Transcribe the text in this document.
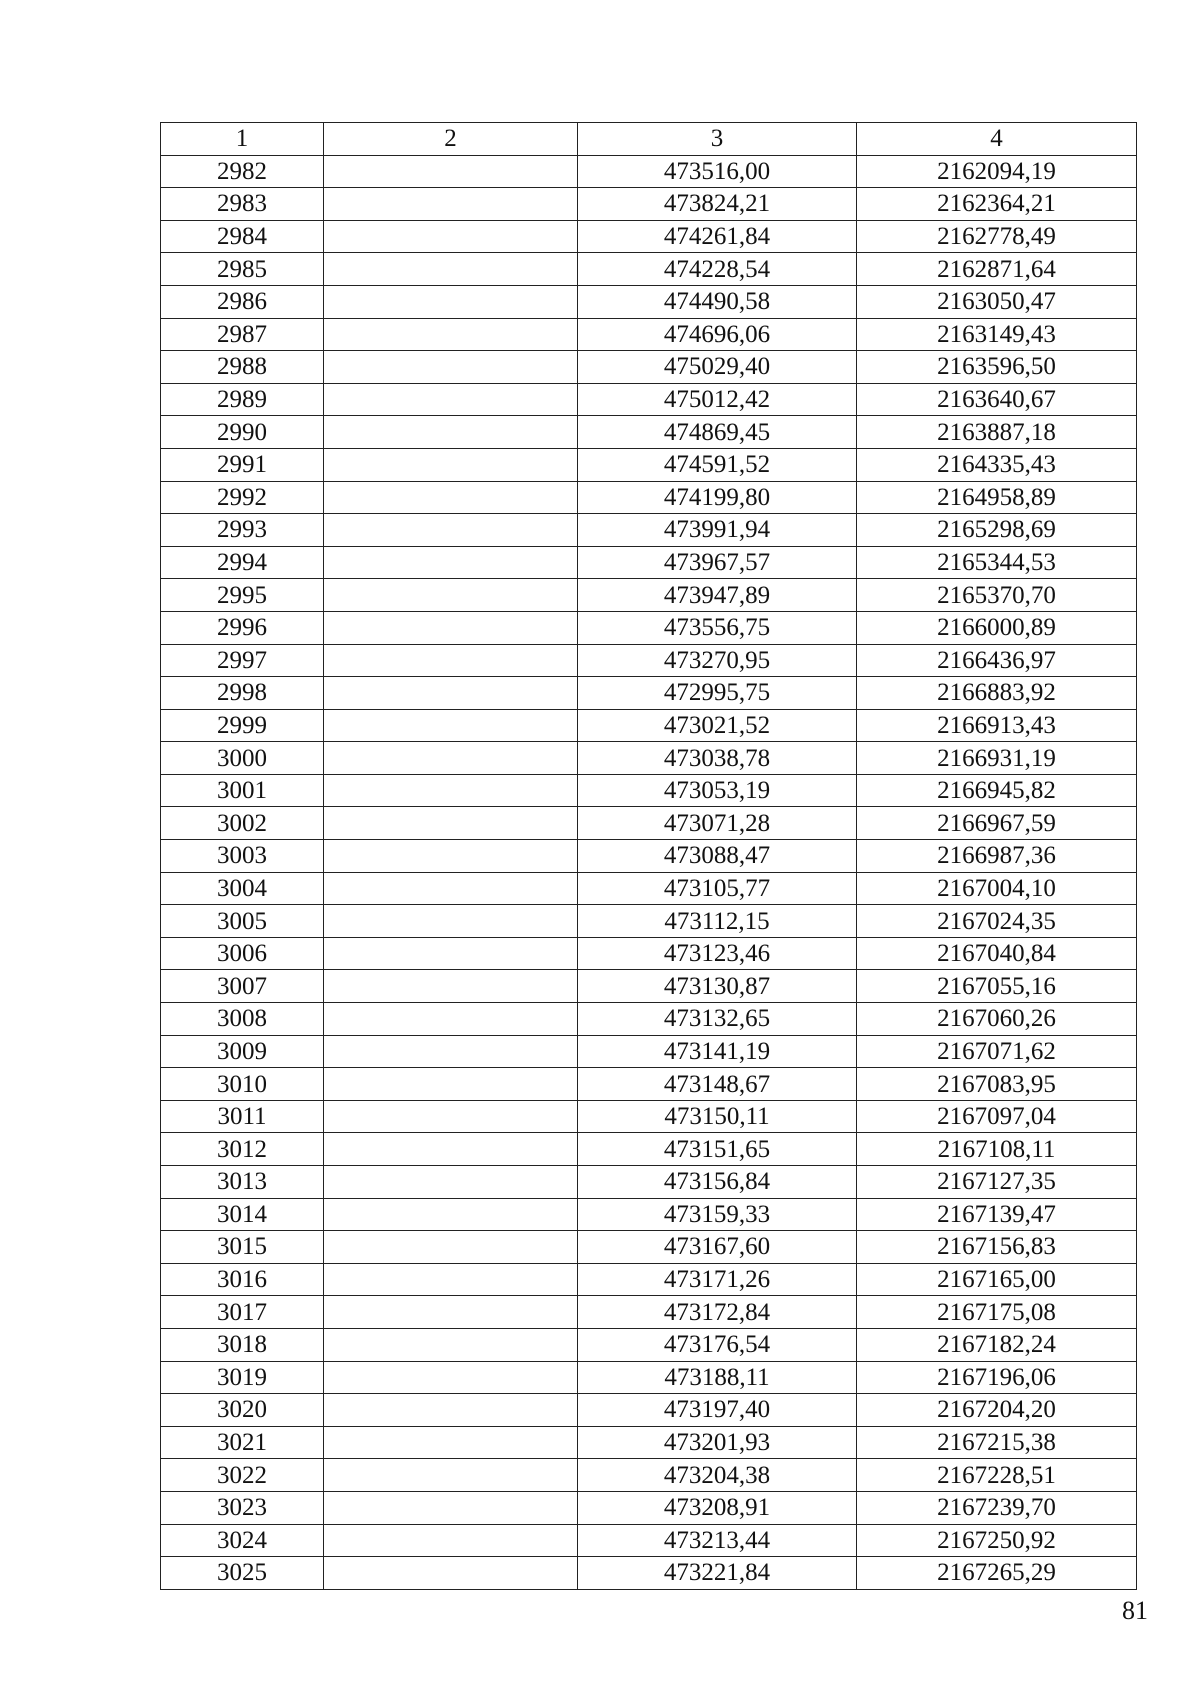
1	2	3	4
2982		473516,00	2162094,19
2983		473824,21	2162364,21
2984		474261,84	2162778,49
2985		474228,54	2162871,64
2986		474490,58	2163050,47
2987		474696,06	2163149,43
2988		475029,40	2163596,50
2989		475012,42	2163640,67
2990		474869,45	2163887,18
2991		474591,52	2164335,43
2992		474199,80	2164958,89
2993		473991,94	2165298,69
2994		473967,57	2165344,53
2995		473947,89	2165370,70
2996		473556,75	2166000,89
2997		473270,95	2166436,97
2998		472995,75	2166883,92
2999		473021,52	2166913,43
3000		473038,78	2166931,19
3001		473053,19	2166945,82
3002		473071,28	2166967,59
3003		473088,47	2166987,36
3004		473105,77	2167004,10
3005		473112,15	2167024,35
3006		473123,46	2167040,84
3007		473130,87	2167055,16
3008		473132,65	2167060,26
3009		473141,19	2167071,62
3010		473148,67	2167083,95
3011		473150,11	2167097,04
3012		473151,65	2167108,11
3013		473156,84	2167127,35
3014		473159,33	2167139,47
3015		473167,60	2167156,83
3016		473171,26	2167165,00
3017		473172,84	2167175,08
3018		473176,54	2167182,24
3019		473188,11	2167196,06
3020		473197,40	2167204,20
3021		473201,93	2167215,38
3022		473204,38	2167228,51
3023		473208,91	2167239,70
3024		473213,44	2167250,92
3025		473221,84	2167265,29
81
